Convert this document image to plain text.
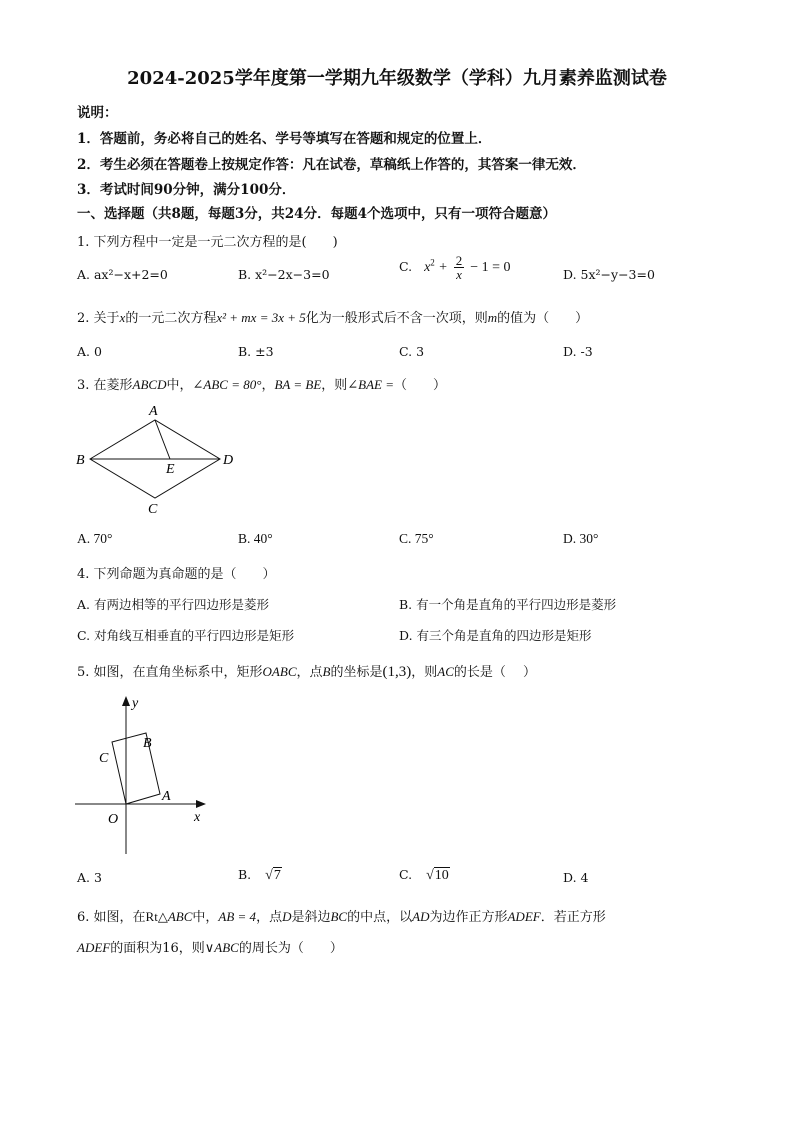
2024-2025学年度第一学期九年级数学（学科）九月素养监测试卷
说明：
1．答题前，务必将自己的姓名、学号等填写在答题和规定的位置上．
2．考生必须在答题卷上按规定作答：凡在试卷，草稿纸上作答的，其答案一律无效．
3．考试时间90分钟，满分100分．
一、选择题（共8题，每题3分，共24分．每题4个选项中，只有一项符合题意）
1. 下列方程中一定是一元二次方程的是(　　)
A. ax²−x+2=0	B. x²−2x−3=0
C. $x^2 + \frac{2}{x} - 1 = 0$	D. 5x²−y−3=0
2. 关于x的一元二次方程x² + mx = 3x + 5化为一般形式后不含一次项，则m的值为（　　）
A. 0	B. ±3	C. 3	D. -3
3. 在菱形ABCD中，∠ABC = 80°，BA = BE，则∠BAE =（　　）
A
B	D
E
C
A. 70°	B. 40°	C. 75°	D. 30°
4. 下列命题为真命题的是（　　）
A. 有两边相等的平行四边形是菱形	B. 有一个角是直角的平行四边形是菱形
C. 对角线互相垂直的平行四边形是矩形	D. 有三个角是直角的四边形是矩形
5. 如图，在直角坐标系中，矩形OABC，点B的坐标是(1,3)，则AC的长是（　 ）
y
x
O
A
B
C
A. 3	B. √7	C. √10	D. 4
6. 如图，在Rt△ABC中，AB = 4，点D是斜边BC的中点，以AD为边作正方形ADEF．若正方形
ADEF的面积为16，则∨ABC的周长为（　　）
